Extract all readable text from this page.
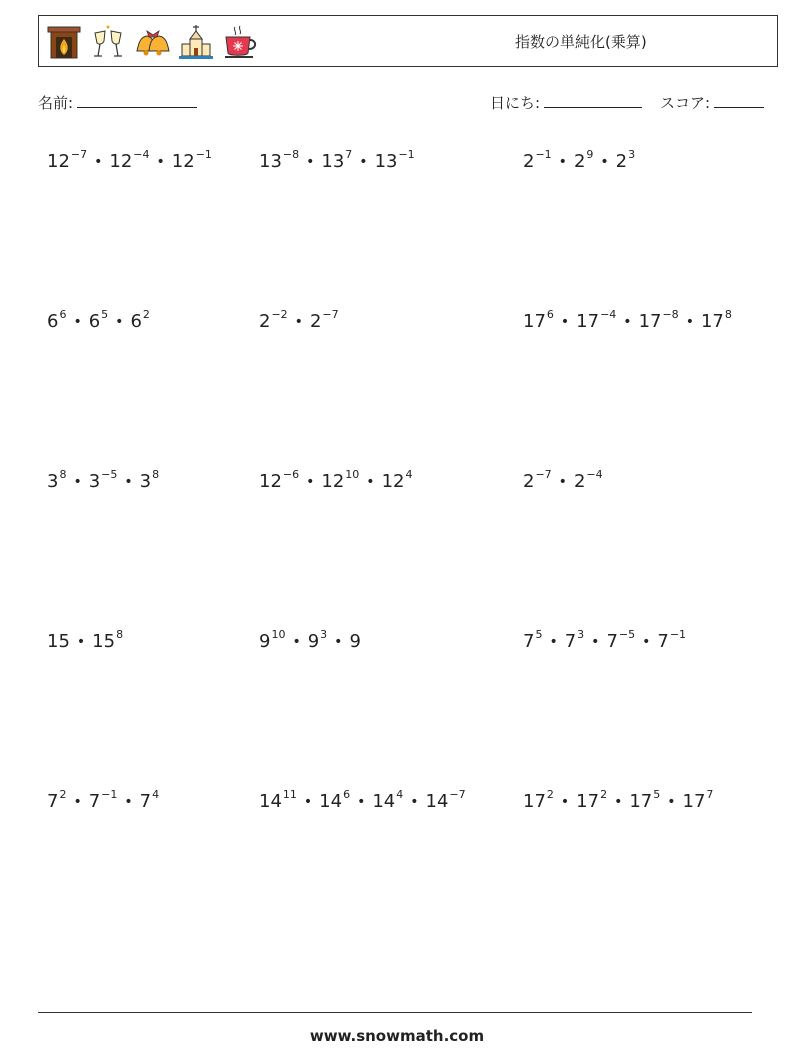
指数の単純化(乗算)
名前:	日にち:	スコア:
$12^{-7}$ • $12^{-4}$ • $12^{-1}$	$13^{-8}$ • $13^7$ • $13^{-1}$	$2^{-1}$ • $2^9$ • $2^3$
$6^6$ • $6^5$ • $6^2$	$2^{-2}$ • $2^{-7}$	$17^6$ • $17^{-4}$ • $17^{-8}$ • $17^8$
$3^8$ • $3^{-5}$ • $3^8$	$12^{-6}$ • $12^{10}$ • $12^4$	$2^{-7}$ • $2^{-4}$
15 • $15^8$	$9^{10}$ • $9^3$ • 9	$7^5$ • $7^3$ • $7^{-5}$ • $7^{-1}$
$7^2$ • $7^{-1}$ • $7^4$	$14^{11}$ • $14^6$ • $14^4$ • $14^{-7}$	$17^2$ • $17^2$ • $17^5$ • $17^7$
www.snowmath.com
